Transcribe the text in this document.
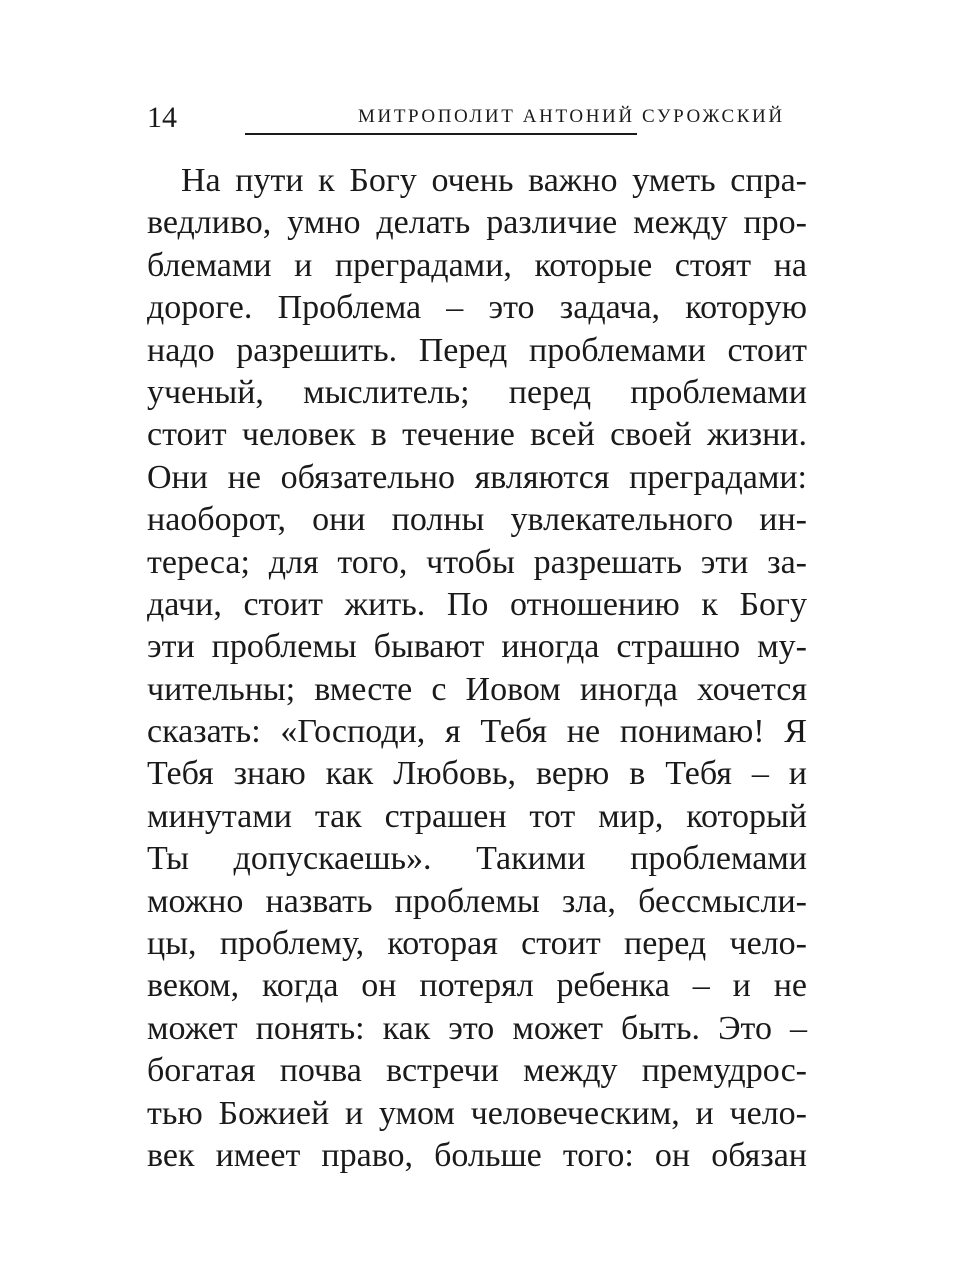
14	МИТРОПОЛИТ АНТОНИЙ СУРОЖСКИЙ
На пути к Богу очень важно уметь спра-
ведливо, умно делать различие между про-
блемами и преградами, которые стоят на
дороге. Проблема – это задача, которую
надо разрешить. Перед проблемами стоит
ученый, мыслитель; перед проблемами
стоит человек в течение всей своей жизни.
Они не обязательно являются преградами:
наоборот, они полны увлекательного ин-
тереса; для того, чтобы разрешать эти за-
дачи, стоит жить. По отношению к Богу
эти проблемы бывают иногда страшно му-
чительны; вместе с Иовом иногда хочется
сказать: «Господи, я Тебя не понимаю! Я
Тебя знаю как Любовь, верю в Тебя – и
минутами так страшен тот мир, который
Ты допускаешь». Такими проблемами
можно назвать проблемы зла, бессмысли-
цы, проблему, которая стоит перед чело-
веком, когда он потерял ребенка – и не
может понять: как это может быть. Это –
богатая почва встречи между премудрос-
тью Божией и умом человеческим, и чело-
век имеет право, больше того: он обязан
